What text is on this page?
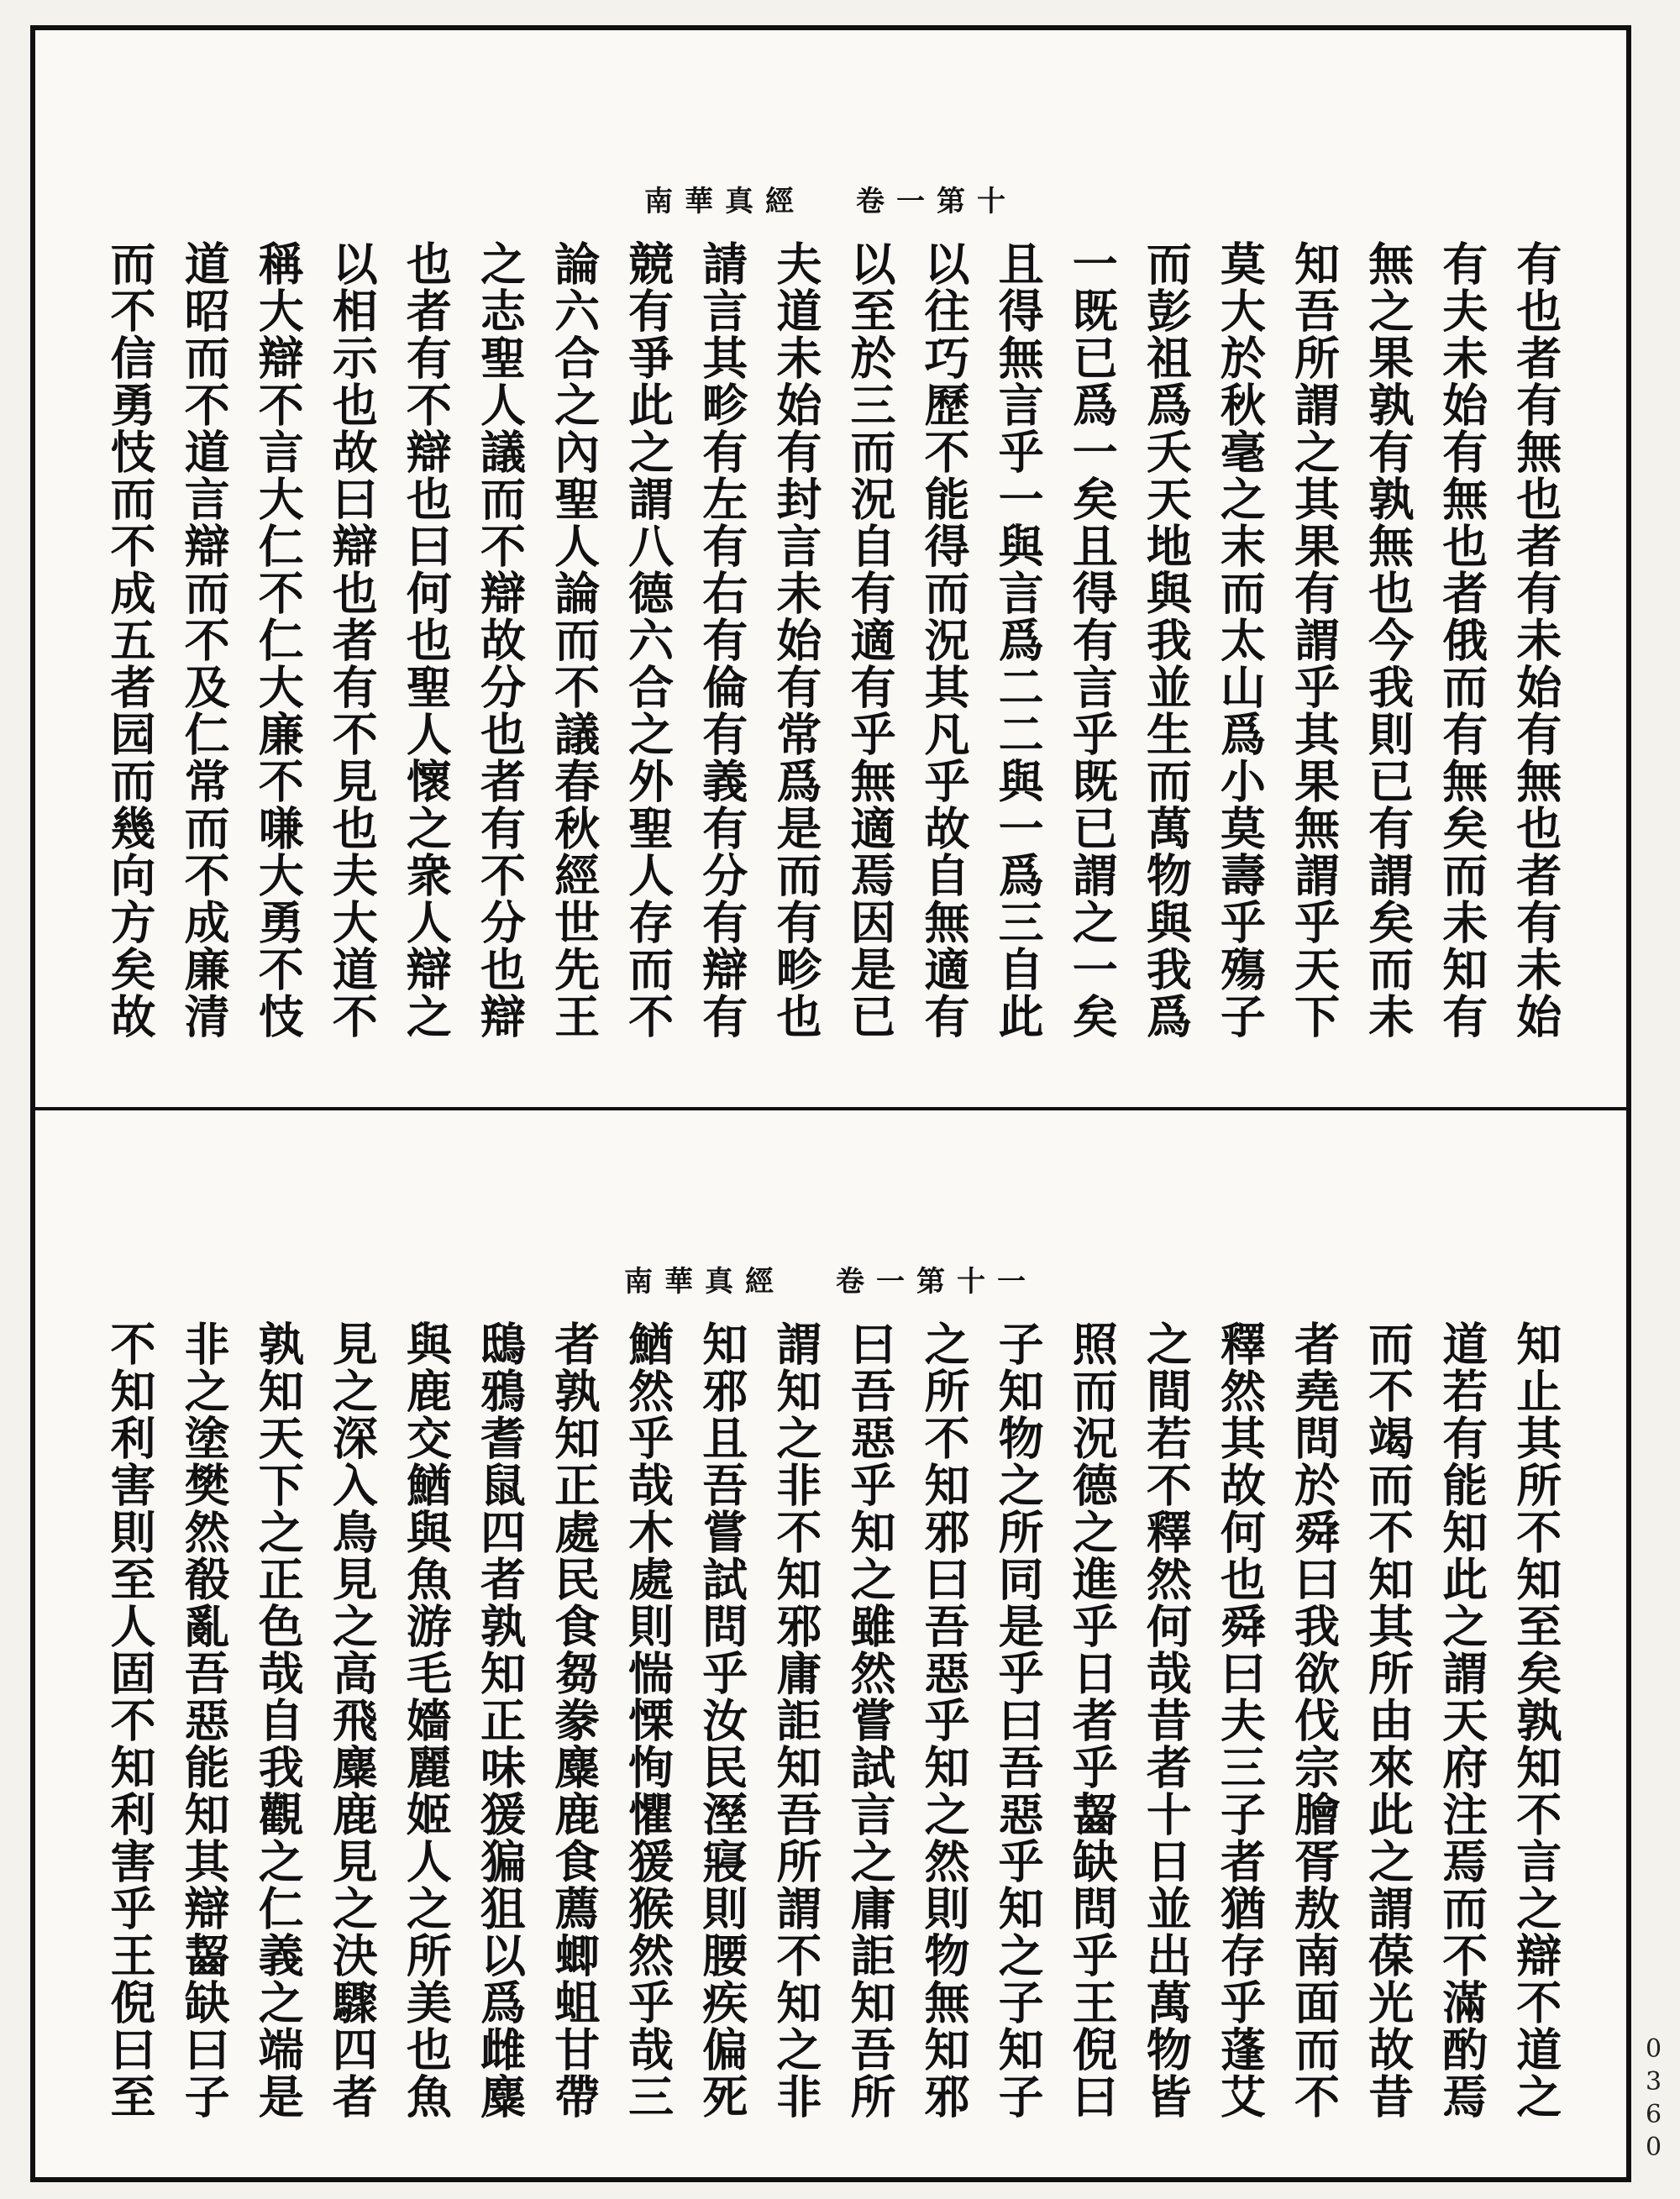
南華真經 卷一第十
有也者有無也者有未始有無也者有未始
有夫未始有無也者俄而有無矣而未知有
無之果孰有孰無也今我則已有謂矣而未
知吾所謂之其果有謂乎其果無謂乎天下
莫大於秋毫之末而太山爲小莫壽乎殤子
而彭祖爲夭天地與我並生而萬物與我爲
一既已爲一矣且得有言乎既已謂之一矣
且得無言乎一與言爲二二與一爲三自此
以往巧歷不能得而況其凡乎故自無適有
以至於三而況自有適有乎無適焉因是已
夫道未始有封言未始有常爲是而有畛也
請言其畛有左有右有倫有義有分有辯有
競有爭此之謂八德六合之外聖人存而不
論六合之內聖人論而不議春秋經世先王
之志聖人議而不辯故分也者有不分也辯
也者有不辯也曰何也聖人懷之衆人辯之
以相示也故曰辯也者有不見也夫大道不
稱大辯不言大仁不仁大廉不嗛大勇不忮
道昭而不道言辯而不及仁常而不成廉清
而不信勇忮而不成五者园而幾向方矣故
南華真經 卷一第十一
知止其所不知至矣孰知不言之辯不道之
道若有能知此之謂天府注焉而不滿酌焉
而不竭而不知其所由來此之謂葆光故昔
者堯問於舜曰我欲伐宗膾胥敖南面而不
釋然其故何也舜曰夫三子者猶存乎蓬艾
之間若不釋然何哉昔者十日並出萬物皆
照而況德之進乎日者乎齧缺問乎王倪曰
子知物之所同是乎曰吾惡乎知之子知子
之所不知邪曰吾惡乎知之然則物無知邪
曰吾惡乎知之雖然嘗試言之庸詎知吾所
謂知之非不知邪庸詎知吾所謂不知之非
知邪且吾嘗試問乎汝民溼寢則腰疾偏死
鰌然乎哉木處則惴慄恂懼猨猴然乎哉三
者孰知正處民食芻豢麋鹿食薦蝍蛆甘帶
鴟鴉耆鼠四者孰知正味猨猵狙以爲雌麋
與鹿交鰌與魚游毛嬙麗姬人之所美也魚
見之深入鳥見之高飛麋鹿見之決驟四者
孰知天下之正色哉自我觀之仁義之端是
非之塗樊然殽亂吾惡能知其辯齧缺曰子
不知利害則至人固不知利害乎王倪曰至	0360
